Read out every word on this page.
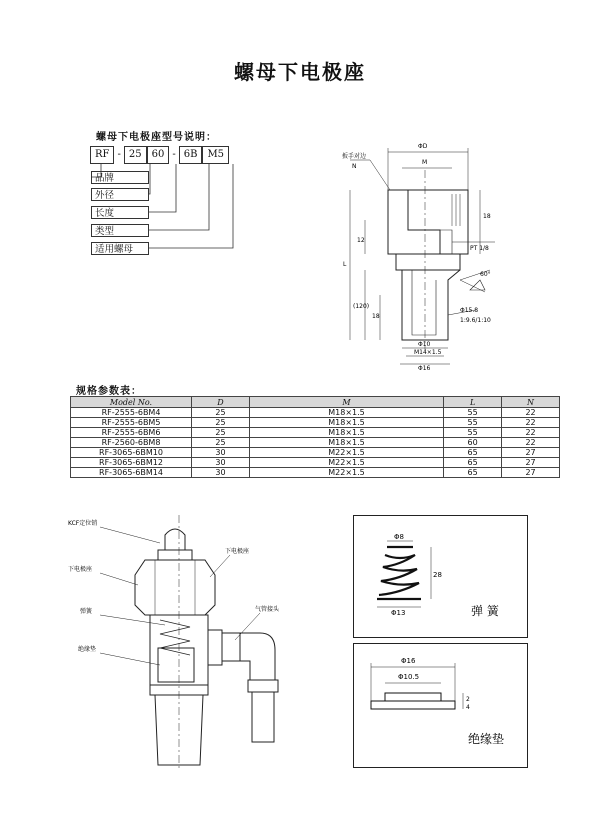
螺母下电极座
螺母下电极座型号说明：
RF - 25	60 - 6B	M5
品牌
外径
长度
类型
适用螺母
扳手对边
N
ΦD
M
18
12
L
(120)
18
PT 1/8
60°
Φ15.8
1:9.6/1:10
Φ10
M14×1.5
Φ16
规格参数表：
Model No.	D	M	L	N
RF-2555-6BM4	25	M18×1.5	55	22
RF-2555-6BM5	25	M18×1.5	55	22
RF-2555-6BM6	25	M18×1.5	55	22
RF-2560-6BM8	25	M18×1.5	60	22
RF-3065-6BM10	30	M22×1.5	65	27
RF-3065-6BM12	30	M22×1.5	65	27
RF-3065-6BM14	30	M22×1.5	65	27
KCF定位销
下电极座
弹簧
绝缘垫
下电极座
气管接头
Φ8
28
Φ13	弹 簧
Φ16
Φ10.5
2
4
绝缘垫
